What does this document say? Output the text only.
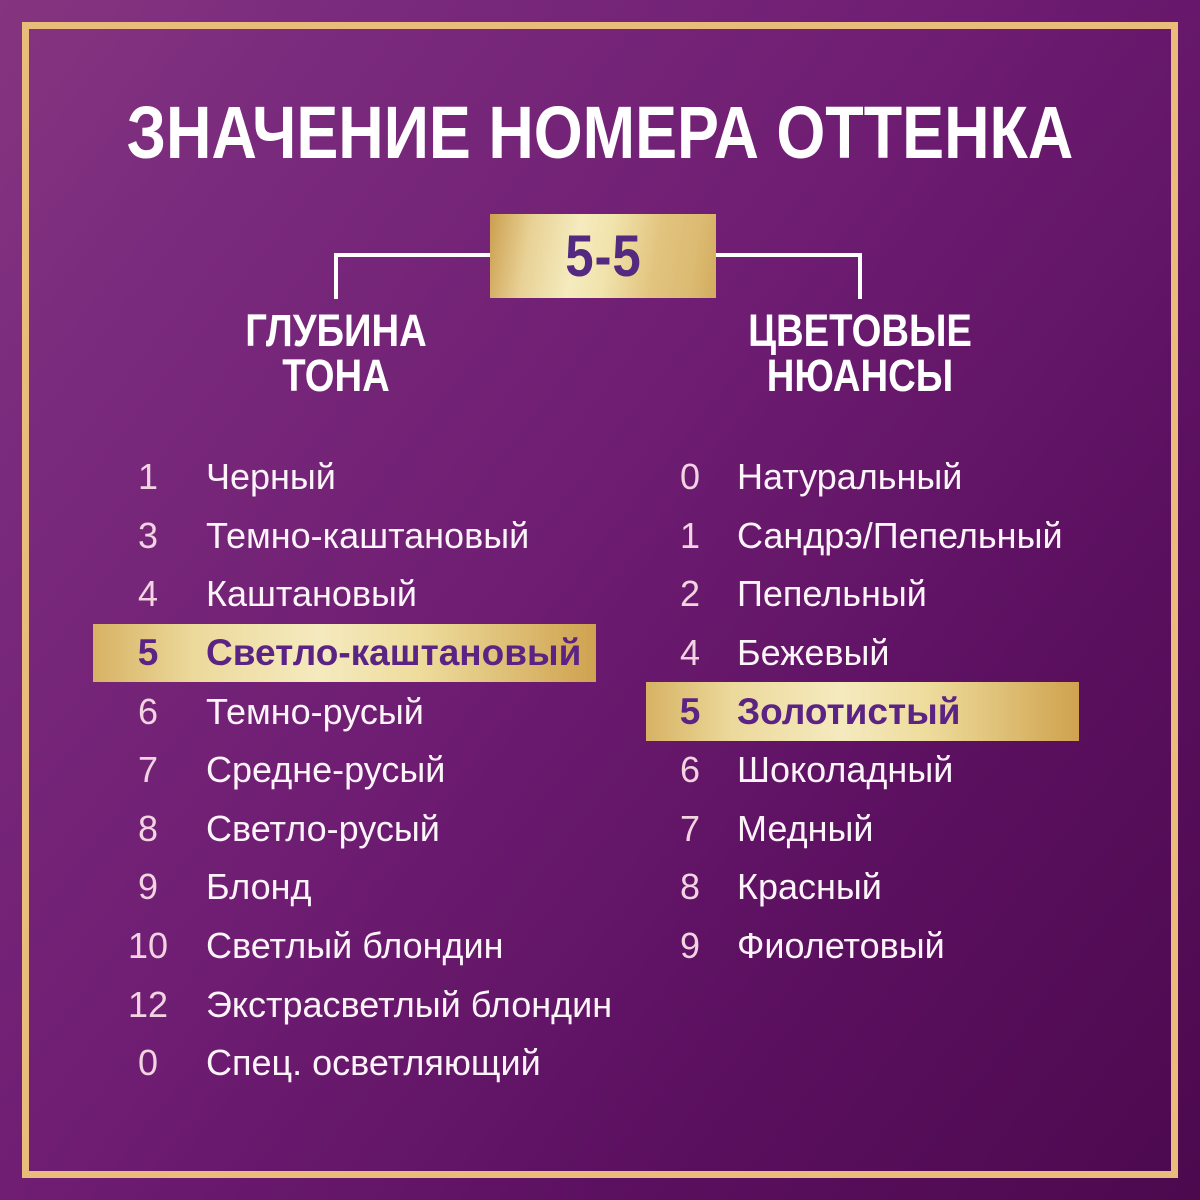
ЗНАЧЕНИЕ НОМЕРА ОТТЕНКА
5-5
ГЛУБИНА
ТОНА
ЦВЕТОВЫЕ
НЮАНСЫ
1	Черный
3	Темно-каштановый
4	Каштановый
5	Светло-каштановый
6	Темно-русый
7	Средне-русый
8	Светло-русый
9	Блонд
10	Светлый блондин
12	Экстрасветлый блондин
0	Спец. осветляющий
0	Натуральный
1	Сандрэ/Пепельный
2	Пепельный
4	Бежевый
5 Золотистый
6	Шоколадный
7	Медный
8	Красный
9	Фиолетовый
